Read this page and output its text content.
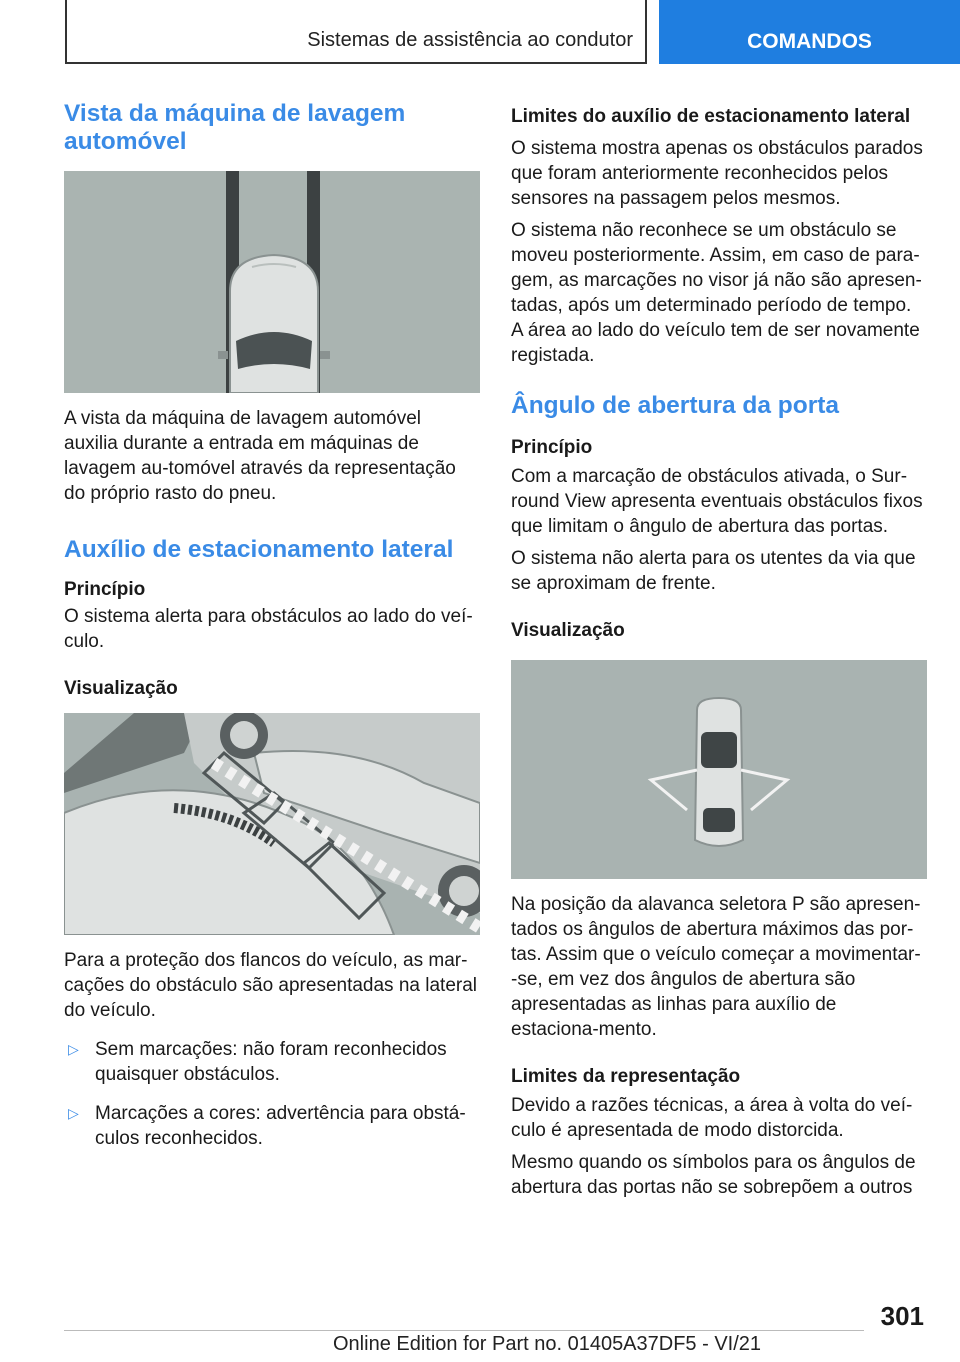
Sistemas de assistência ao condutor	COMANDOS
Vista da máquina de lavagem automóvel

A vista da máquina de lavagem automóvel auxilia durante a entrada em máquinas de lavagem au-tomóvel através da representação do próprio rasto do pneu.

Auxílio de estacionamento lateral
Princípio

O sistema alerta para obstáculos ao lado do veí-culo.

Visualização

Para a proteção dos flancos do veículo, as mar-cações do obstáculo são apresentadas na lateral do veículo.

▷ Sem marcações: não foram reconhecidos quaisquer obstáculos.
▷ Marcações a cores: advertência para obstá-culos reconhecidos.
Limites do auxílio de estacionamento lateral

O sistema mostra apenas os obstáculos parados que foram anteriormente reconhecidos pelos sensores na passagem pelos mesmos.

O sistema não reconhece se um obstáculo se moveu posteriormente. Assim, em caso de para-gem, as marcações no visor já não são apresen-tadas, após um determinado período de tempo. A área ao lado do veículo tem de ser novamente registada.

Ângulo de abertura da porta
Princípio

Com a marcação de obstáculos ativada, o Sur-round View apresenta eventuais obstáculos fixos que limitam o ângulo de abertura das portas.

O sistema não alerta para os utentes da via que se aproximam de frente.

Visualização

Na posição da alavanca seletora P são apresen-tados os ângulos de abertura máximos das por-tas. Assim que o veículo começar a movimentar--se, em vez dos ângulos de abertura são apresentadas as linhas para auxílio de estaciona-mento.

Limites da representação

Devido a razões técnicas, a área à volta do veí-culo é apresentada de modo distorcida.

Mesmo quando os símbolos para os ângulos de abertura das portas não se sobrepõem a outros

301
Online Edition for Part no. 01405A37DF5 - VI/21
